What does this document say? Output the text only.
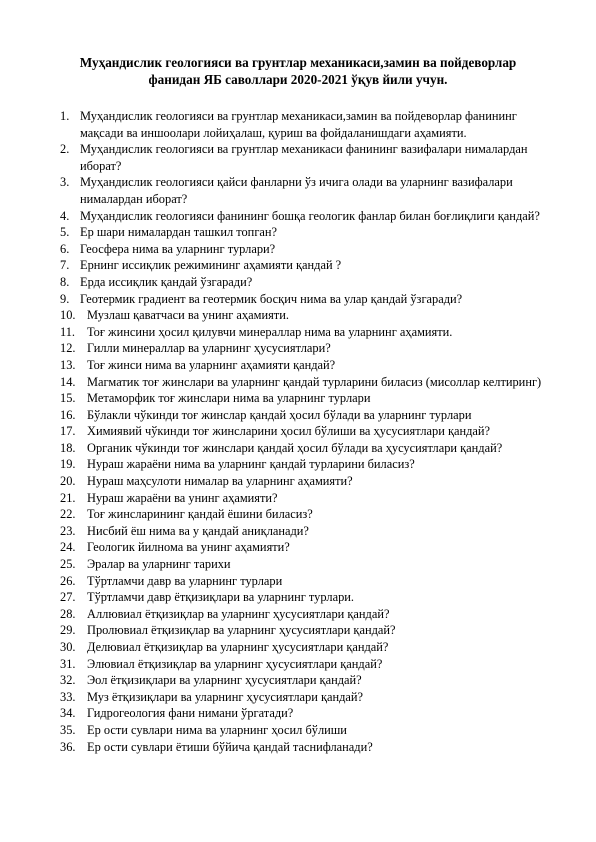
Муҳандислик геологияси ва грунтлар механикаси,замин ва пойдеворлар
фанидан ЯБ саволлари 2020-2021 ўқув йили учун.
1. Муҳандислик геологияси ва грунтлар механикаси,замин ва пойдеворлар фанининг мақсади ва иншоолари лойиҳалаш, қуриш ва фойдаланишдаги аҳамияти.
2. Муҳандислик геологияси ва грунтлар механикаси фанининг вазифалари нималардан иборат?
3. Муҳандислик геологияси қайси фанларни ўз ичига олади ва уларнинг вазифалари нималардан иборат?
4. Муҳандислик геологияси фанининг бошқа геологик фанлар билан боғлиқлиги қандай?
5. Ер шари нималардан ташкил топган?
6. Геосфера нима ва уларнинг турлари?
7. Ернинг иссиқлик режимининг аҳамияти қандай ?
8. Ерда иссиқлик қандай ўзгаради?
9. Геотермик градиент ва геотермик босқич нима ва улар қандай ўзгаради?
10. Музлаш қаватчаси ва унинг аҳамияти.
11. Тоғ жинсини ҳосил қилувчи минераллар нима ва уларнинг аҳамияти.
12. Гилли минераллар ва уларнинг ҳусусиятлари?
13. Тоғ жинси нима ва уларнинг аҳамияти қандай?
14. Магматик тоғ жинслари ва уларнинг қандай турларини биласиз (мисоллар келтиринг)
15. Метаморфик тоғ жинслари нима ва уларнинг турлари
16. Бўлакли чўкинди тоғ жинслар қандай ҳосил бўлади ва уларнинг турлари
17. Химиявий чўкинди тоғ жинсларини ҳосил бўлиши ва ҳусусиятлари қандай?
18. Органик чўкинди тоғ жинслари қандай ҳосил бўлади ва ҳусусиятлари қандай?
19. Нураш жараёни нима ва уларнинг қандай турларини биласиз?
20. Нураш маҳсулоти нималар ва уларнинг аҳамияти?
21. Нураш жараёни ва унинг аҳамияти?
22. Тоғ жинсларининг қандай ёшини биласиз?
23. Нисбий ёш нима ва у қандай аниқланади?
24. Геологик йилнома ва унинг аҳамияти?
25. Эралар ва уларнинг тарихи
26. Тўртламчи давр ва уларнинг турлари
27. Тўртламчи давр ётқизиқлари ва уларнинг турлари.
28. Аллювиал ётқизиқлар ва уларнинг ҳусусиятлари қандай?
29. Пролювиал ётқизиқлар ва уларнинг ҳусусиятлари қандай?
30. Делювиал ётқизиқлар ва уларнинг ҳусусиятлари қандай?
31. Элювиал ётқизиқлар ва уларнинг ҳусусиятлари қандай?
32. Эол ётқизиқлари ва уларнинг ҳусусиятлари қандай?
33. Муз ётқизиқлари ва уларнинг ҳусусиятлари қандай?
34. Гидрогеология фани нимани ўргатади?
35. Ер ости сувлари нима ва уларнинг ҳосил бўлиши
36. Ер ости сувлари ётиши бўйича қандай таснифланади?
